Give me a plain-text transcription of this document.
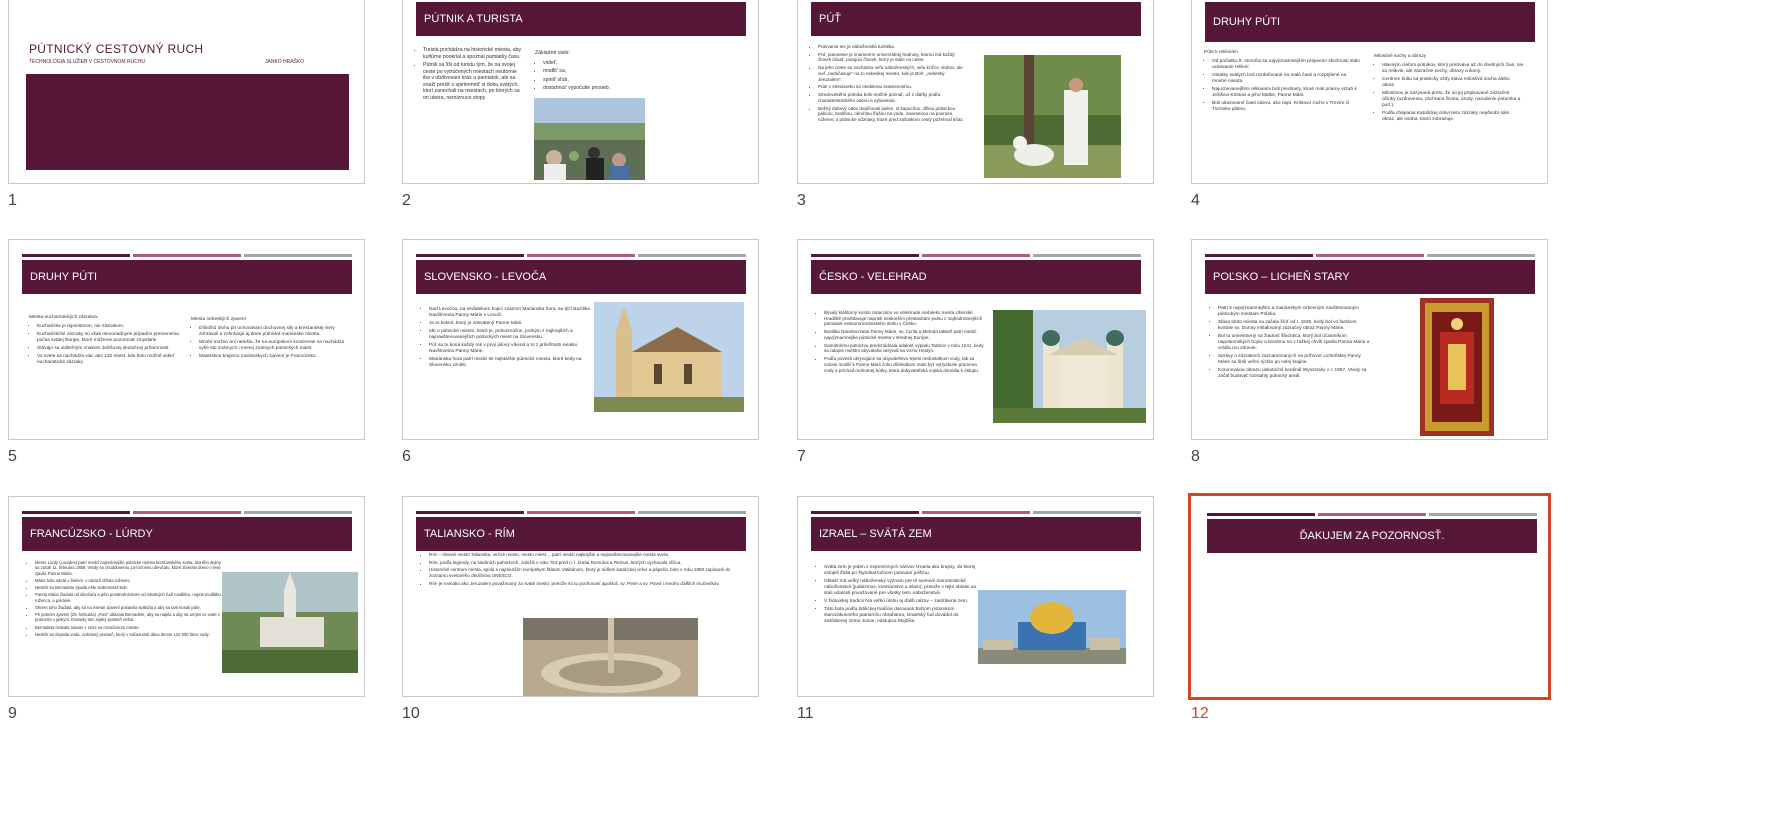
PÚTNICKÝ CESTOVNÝ RUCH
TECHNOLÓGIA SLUŽIEB V CESTOVNOM RUCHU	JANKO HRAŠKO
1
PÚTNIK A TURISTA
• Turista prichádza na historické miesta, aby kultúrne pookrial a spoznal pamiatky času.
• Pútnik sa líši od turistu tým, že na svojej ceste po vytrúčených miestach neutomie iba v obdivovaní krás a pamiatok, ale sa snaží prežiť s spiritomnit' si dobu svätých, ktorí zanechali na miestach, po ktorých sa on ubera, nemiznuce stopy
Základné ciele:
• vidiet',
• modlit' sa,
• spinit' sľub,
• dostahnut' vypočutie prosieb.
2
PÚŤ
• Putovanie nie je náboženská turistika.
• Púť, putovanie je znamením univerzálnej hodnoty, ktorou má každý človek účasť, putujúci človek, ktorý je stále na ceste.
• Na jeho ceste sa nachádza veľa náboženských, veľa krížov, sluhov, ale cieľ „nedočasuje" na to nebeskej miesto, kde je Boh, „nebeský Jeruzalem".
• Púte v stredoveku sú osobitnou svätosnosťou.
• Stredovekého pútnika bolo možné poznať, už z diaľky podľa charakteristického odevu a vybavenia.
• Bežný dobový odev doplňovali palice, sl kapucňou, dlhou pútnickou palicou, brašňou, okruhlou fľašou na vodu, zavesenou na povraze, ruženec a pútnicke odznaky, ktoré pred začiatkom cesty požehnal kňaz.
3
DRUHY PÚTI
Púte k relikviám
• Od počiatku 8. storočia sa najvýznamnejším prejavom zbožnosti stalo uctievanie relikvií.
• Ostatky svätých boli rozdeľované na malé časti a rozptýlené na mnohé miesta.
• Najuctievanejšími relikviami boli predmety, ktoré mali priamy vzťah k Ježišovi Kristovi a jeho Matke, Panne Márii.
• Boli ukazované časti odevu, ako napr. Kristovo rúcho v Trevíre či Turínske plátno.
Milostivé sochy a obrazy
• Hlavným cieľom pútnikov, ktorý pretrváva až do dnešných čias, nie sú relikvie, ale zázračné sochy, obrazy a ikony.
• Centrom kultu sa prakticky vždy stáva milostivá socha alebo obraz.
• Milostivou je nazývaná preto, že sú jej pripisované zázračné účinky (uzdravenia, záchrana života, úrody, narodenie potomka a pod.).
• Podľa chápania Katolíckej cirkvi tieto zázraky nepôsobí sám obraz, ale osoba, ktorú zobrazuje.
4
DRUHY PÚTI
Miesta eucharistických zázrakov
• Eucharistia je tajomstvom, nie zázrakom.
• Eucharistické zázraky sú však mimoriadnymi prípadmi premenenia počas svätej liturgie, ktoré môžeme pozorovať zmyslami.
• Stávajú sa viditeľným znakom Ježišovej skutočnej prítomnosti.
• Vo svete sa nachádza viac ako 132 miest, kde bolo možné vidieť eucharistické zázraky.
Miesta nebeských zjavení
• Dôležitú úlohu pri uchovávaní duchovnej sily a kresťanskej viery zohrávali a zohrávajú aj dnes pútnické mariánske miesta.
• Mnohí možno ani netušia, že na európskom kontinente sa nachádza vyše sto známych i menej známych pútnických miest.
• Matarskou krajinou mariánskych zjavení je Francúzsko.
5
SLOVENSKO - LEVOČA
• Nad Levočou, na neďalekom kopci zvanom Mariánska hora, sa týčí Bazilika Navštívenia Panny Márie v Levoči.
• Je to kostol, ktorý je zasvätený Panne Márii.
• Ide o pútnické miesto, ktoré je, jednoznačne, jedným z najkrajších a najnavštevovanejších pútnických miest na Slovensku.
• Púť sa tu koná každý rok v prvý júlový víkend a to z príležitosti sviatku Navštívenia Panny Márie.
• Mariánska hora patrí medzi tie najstaršie pútnické miesta, ktoré kedy na Slovensku vznikli.
6
ČESKO - VELEHRAD
• Bývalý kláštorný kostol cistercitov vo Velehrade neďaleko mesta Uherské Hradiště predstavuje napriek neskorším prestavbám jednu z najhodnotnejších pamiatok neskororománskeho slohu v Česku.
• Bazilika Nanebovzatia Panny Márie, sv. Cyrila a Metoda taktiež patrí medzi najvýznamnejšie pútnické miesta v strednej Európe.
• Samotnému putnictvu predchádzala udalosť výpadu Tatárov v roku 1241, kedy sa údajne miestni obyvatelia ukrývali na vrchu Hostýn.
• Podľa povesti ukrývajúce sa obyvateľstvo trpelo nedostatkom vody, tak sa začalo modliť k Panne Márii čoho dôsledkom malo byť vytryskutie pramena vody a príchod mohutnej búrky, ktorá dobyvateľská vojská donútila k ústupu.
7
POĽSKO – LICHEŇ STARY
• Patrí k najvýznamnejším a mariánskym cirkevným navštevovaným pútnickým miestam Poľska.
• Sláva tohto miesta sa začala šíriť od r. 1836, kedy bol vo farskom kostole sv. Doroty inštalovaný zázračný obraz Panny Márie.
• Bol tu umiestnený na žiadosť šľachtica, ktorý bol účastníkom napoleonských bojov a ktorému sa v ťažkej chvíli zjavila Panna Mária a vrátila mu zdravie.
• Správy o zázrakoch zaznamenaných na príhovor Licheňskej Panny Márie sa šírili veľmi rýchlo po celej krajine.
• Korunovácia obrazu uskutočnil kardinál Wyszinsky v r. 1967. Vtedy sa začal budovať rozsiahly pútnický areál.
8
FRANCÚZSKO - LÚRDY
• Mesto Lurdy (Lourdes) patrí medzi najznámejšie pútnické miesta kresťanského sveta, ktorého dejiny sa začali 11. februára 1858. Vtedy sa chudobnému 14-ročnému dievčatu, ktoré zbieralo drevo v lese zjavila Panna Mária.
• Mária bola odetá v bielom, v rukách držala ruženec.
• Neskôr sa Bernadete zjavila ešte sedemnásť-krát.
• Panna Mária žiadala od dievčaťa a jeho prostredníctvom od ostatných ľudí modlitbu, najmä modlitbu ruženca, a pokánie.
• Okrem toho žiadala, aby sa na mieste zjavení postavila svätyňa a aby sa tam konali púte.
• Pri jednom zjavení (25. februára) „Pani" ukázala Bernadete, aby sa napila a aby sa umyla vo vode z prameňa v jaskyni. Dovtedy tam nijaký prameň nebol.
• Bernadeta hrabala rukami v zemi na označenom mieste.
• Neskôr sa objavila voda, vzdelaný prameň, ktorý v súčasnosti dáva denne 122 000 litrov vody.
9
TALIANSKO - RÍM
• Rím – hlavné mesto Talianska, večné mesto, mesto miest… patrí medzi najkrajšie a najnavštevovanejšie mestá sveta.
• Rím, podľa legendy, na siedmich pahorkoch, založili v roku 753 pred n. l. bratia Romulus a Remus, ktorých vychovala vlčica.
• Historické centrum mesta, spolu s najmenším európskym štátom Vatikánom, ktorý je sídlom katolíckej cirkvi a pápeža, bolo v roku 1980 zapísané do zoznamu svetového dedičstva UNESCO.
• Rím je rovnako ako Jeruzalem považovaný za sväté mesto, pretože sú tu pochovaní apoštoli, sv. Peter a sv. Pavol i mnoho ďalších mučeníkov.
10
IZRAEL – SVÄTÁ ZEM
• Svätá zem je jeden z expresívnych názvov Izraela ako krajiny, do ktorej vstúpili Židia po štyridsaťročnom putovaní púšťou.
• Oblasť má veľký náboženský význam pre tri svetové monoteistické náboženstvá (judaizmus, kresťanstvo a islam), pretože v tejto oblasti sa stali udalosti považované pre všetky tieto náboženstvá.
• V židovskej tradícii hrá veľkú úlohu aj ďalší názov – zasľúbená zem.
• Táto bola podľa biblickej tradície darovaná Bohom potomkom starozákonného patriarchu Abraháma, Izraelský ľud dovádol do zasľúbenej zeme Jozue, nástupca Mojžiša.
11
ĎAKUJEM ZA POZORNOSŤ.
12
